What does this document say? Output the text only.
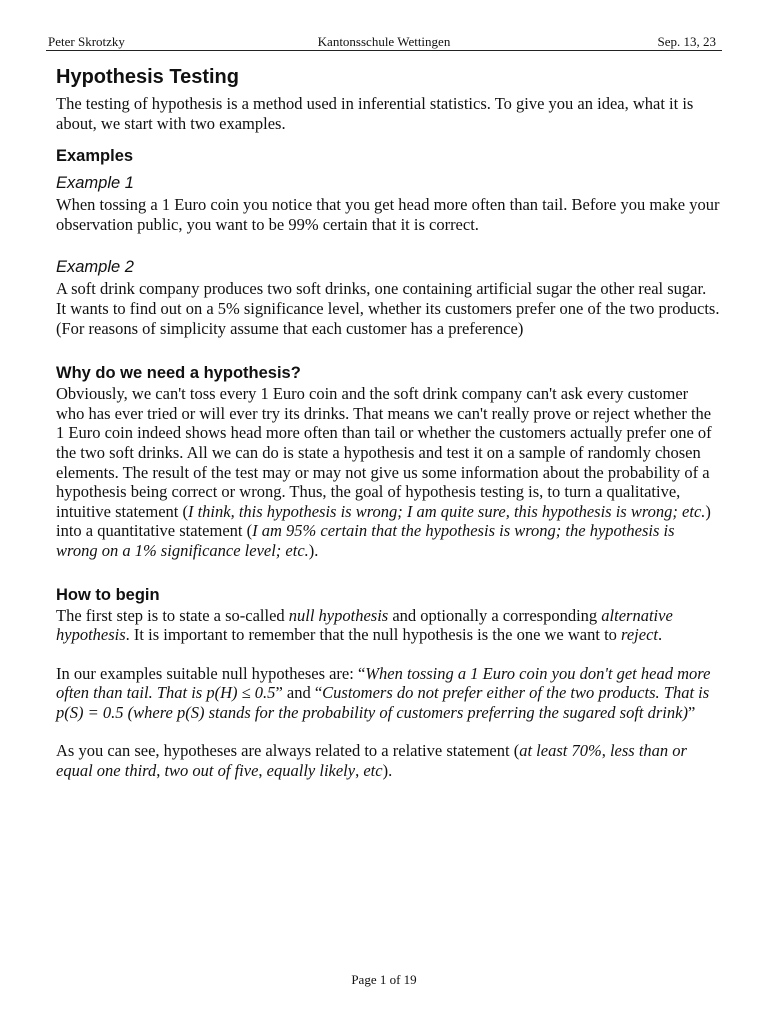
Peter Skrotzky	Kantonsschule Wettingen	Sep. 13, 23
Hypothesis Testing

The testing of hypothesis is a method used in inferential statistics. To give you an idea, what it is about, we start with two examples.

Examples
Example 1

When tossing a 1 Euro coin you notice that you get head more often than tail. Before you make your observation public, you want to be 99% certain that it is correct.

Example 2

A soft drink company produces two soft drinks, one containing artificial sugar the other real sugar. It wants to find out on a 5% significance level, whether its customers prefer one of the two products. (For reasons of simplicity assume that each customer has a preference)

Why do we need a hypothesis?

Obviously, we can't toss every 1 Euro coin and the soft drink company can't ask every customer who has ever tried or will ever try its drinks. That means we can't really prove or reject whether the 1 Euro coin indeed shows head more often than tail or whether the customers actually prefer one of the two soft drinks. All we can do is state a hypothesis and test it on a sample of randomly chosen elements. The result of the test may or may not give us some information about the probability of a hypothesis being correct or wrong. Thus, the goal of hypothesis testing is, to turn a qualitative, intuitive statement (I think, this hypothesis is wrong; I am quite sure, this hypothesis is wrong; etc.) into a quantitative statement (I am 95% certain that the hypothesis is wrong; the hypothesis is wrong on a 1% significance level; etc.).

How to begin

The first step is to state a so-called null hypothesis and optionally a corresponding alternative hypothesis. It is important to remember that the null hypothesis is the one we want to reject.

In our examples suitable null hypotheses are: “When tossing a 1 Euro coin you don't get head more often than tail. That is p(H) ≤ 0.5” and “Customers do not prefer either of the two products. That is p(S) = 0.5 (where p(S) stands for the probability of customers preferring the sugared soft drink)”

As you can see, hypotheses are always related to a relative statement (at least 70%, less than or equal one third, two out of five, equally likely, etc).

Page 1 of 19
